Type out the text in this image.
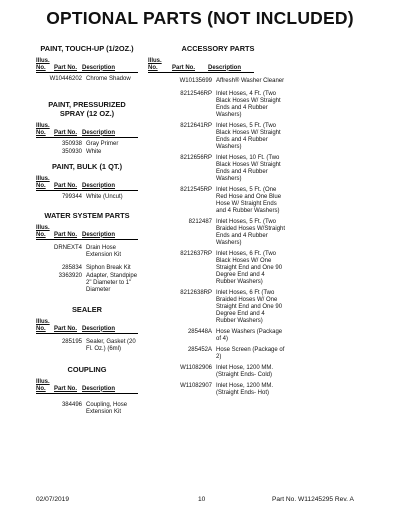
OPTIONAL PARTS (NOT INCLUDED)
PAINT, TOUCH-UP (1/2OZ.)
Illus.
No.	Part No. Description
W10446202 Chrome Shadow
PAINT, PRESSURIZED SPRAY (12 OZ.)
Illus.
No.	Part No. Description
350938 Gray Primer
350930 White
PAINT, BULK (1 QT.)
Illus.
No.	Part No. Description
799344 White (Uncut)
WATER SYSTEM PARTS
Illus.
No.	Part No. Description
DRNEXT4 Drain Hose Extension Kit
285834 Siphon Break Kit
3363920 Adapter, Standpipe 2" Diameter to 1" Diameter
SEALER
Illus.
No.	Part No. Description
285195 Sealer, Gasket (20 Fl. Oz.) (6ml)
COUPLING
Illus.
No.	Part No. Description
384496 Coupling, Hose Extension Kit
ACCESSORY PARTS
Illus.
No.	Part No.	Description
W10135699 Affresh® Washer Cleaner
8212546RP Inlet Hoses, 4 Ft. (Two Black Hoses W/ Straight Ends and 4 Rubber Washers)
8212641RP Inlet Hoses, 5 Ft. (Two Black Hoses W/ Straight Ends and 4 Rubber Washers)
8212656RP Inlet Hoses, 10 Ft. (Two Black Hoses W/ Straight Ends and 4 Rubber Washers)
8212545RP Inlet Hoses, 5 Ft. (One Red Hose and One Blue Hose W/ Straight Ends and 4 Rubber Washers)
8212487 Inlet Hoses, 5 Ft. (Two Braided Hoses W/Straight Ends and 4 Rubber Washers)
8212637RP Inlet Hoses, 6 Ft. (Two Black Hoses W/ One Straight End and One 90 Degree End and 4 Rubber Washers)
8212638RP Inlet Hoses, 6 Ft (Two Braided Hoses W/ One Straight End and One 90 Degree End and 4 Rubber Washers)
285448A Hose Washers (Package of 4)
285452A Hose Screen (Package of 2)
W11082906 Inlet Hose, 1200 MM. (Straight Ends- Cold)
W11082907 Inlet Hose, 1200 MM. (Straight Ends- Hot)
02/07/2019	10	Part No. W11245295 Rev. A
